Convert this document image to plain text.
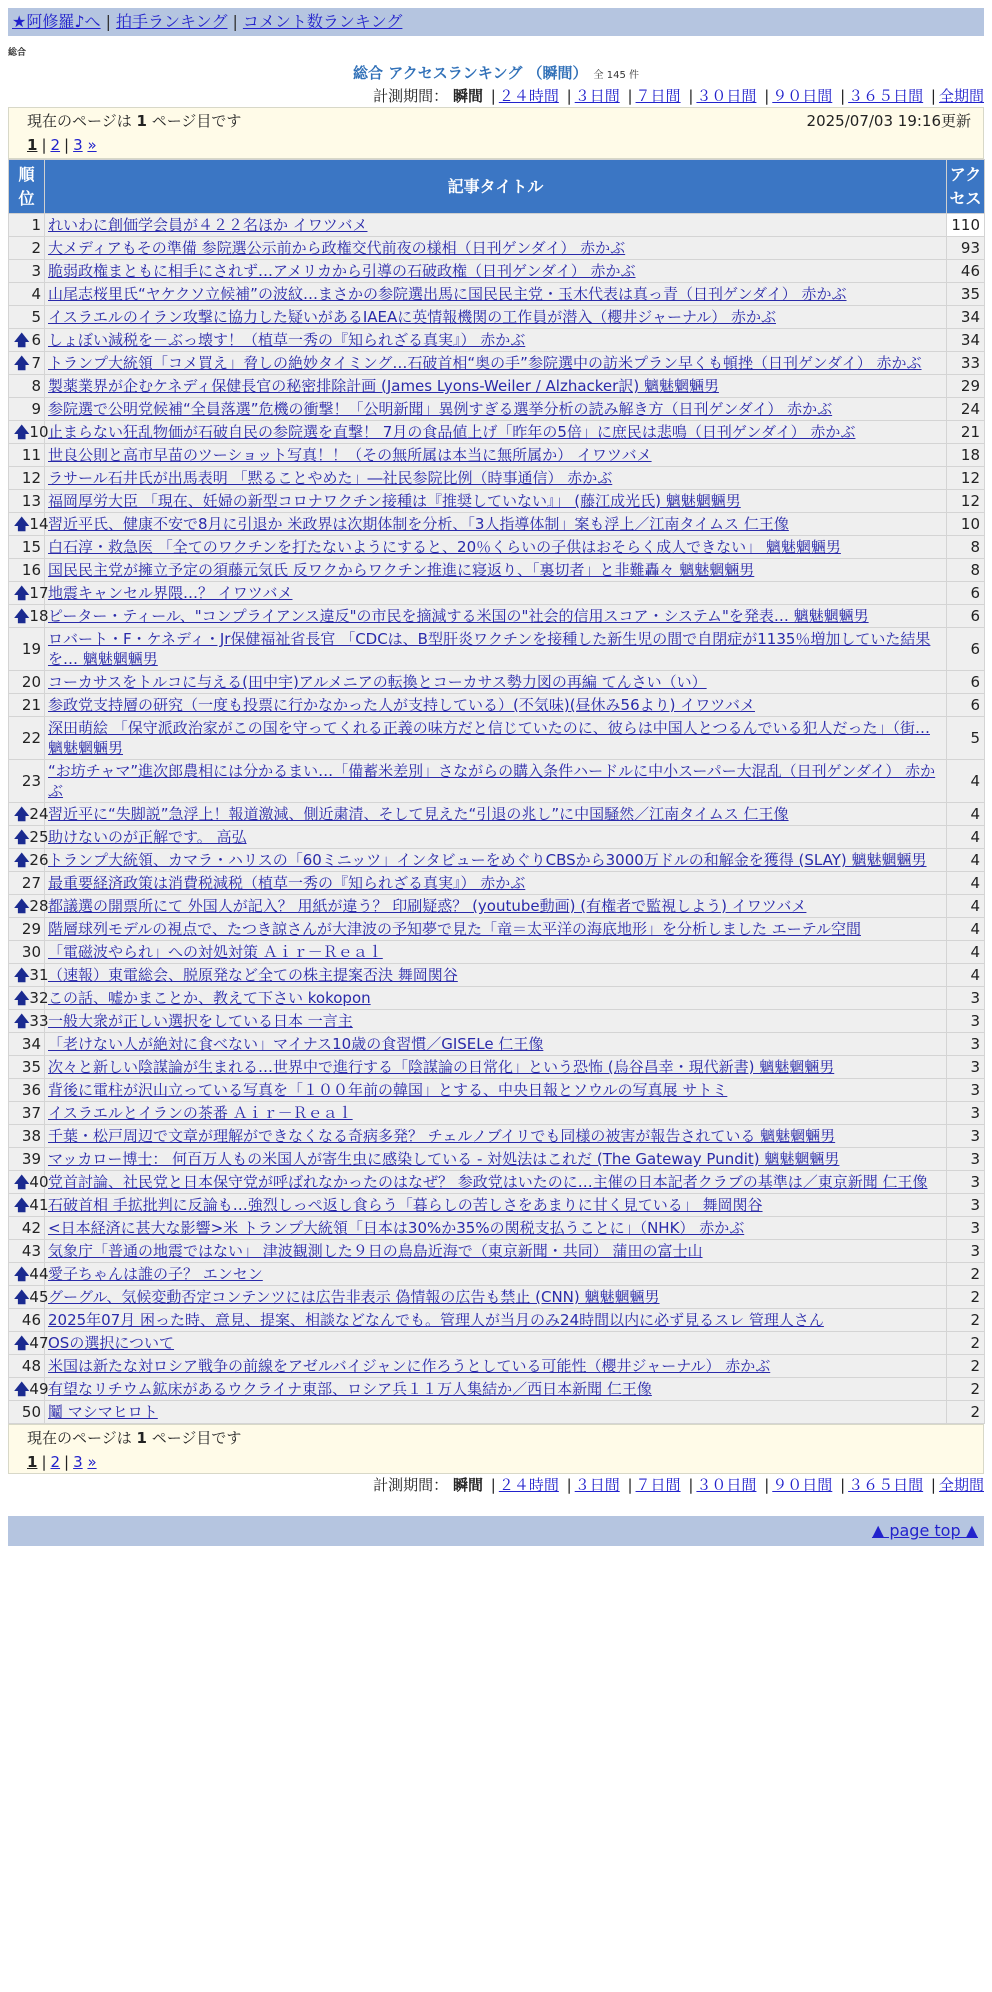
★阿修羅♪へ | 拍手ランキング | コメント数ランキング
総合
総合 アクセスランキング （瞬間） 全 145 件
計測期間： 瞬間 | ２４時間 | ３日間 | ７日間 | ３０日間 | ９０日間 | ３６５日間 | 全期間
現在のページは 1 ページ目です	2025/07/03 19:16更新
1 | 2 | 3 »
順位	記事タイトル	アクセス

1	れいわに創価学会員が４２２名ほか イワツバメ	110
2	大メディアもその準備 参院選公示前から政権交代前夜の様相（日刊ゲンダイ） 赤かぶ	93
3	脆弱政権まともに相手にされず…アメリカから引導の石破政権（日刊ゲンダイ） 赤かぶ	46
4	山尾志桜里氏“ヤケクソ立候補”の波紋…まさかの参院選出馬に国民民主党・玉木代表は真っ青（日刊ゲンダイ） 赤かぶ	35
5	イスラエルのイラン攻撃に協力した疑いがあるIAEAに英情報機関の工作員が潜入（櫻井ジャーナル） 赤かぶ	34

🡅 6	しょぼい減税を－ぶっ壊す！（植草一秀の『知られざる真実』） 赤かぶ	34

🡅 7	トランプ大統領「コメ買え」脅しの絶妙タイミング…石破首相“奥の手”参院選中の訪米プラン早くも頓挫（日刊ゲンダイ） 赤かぶ	33
8	製薬業界が企むケネディ保健長官の秘密排除計画 (James Lyons-Weiler / Alzhacker訳) 魑魅魍魎男	29
9	参院選で公明党候補“全員落選”危機の衝撃！「公明新聞」異例すぎる選挙分析の読み解き方（日刊ゲンダイ） 赤かぶ	24

🡅 10	止まらない狂乱物価が石破自民の参院選を直撃！ 7月の食品値上げ「昨年の5倍」に庶民は悲鳴（日刊ゲンダイ） 赤かぶ	21
11	世良公則と高市早苗のツーショット写真！！（その無所属は本当に無所属か） イワツバメ	18
12	ラサール石井氏が出馬表明 「黙ることやめた」―社民参院比例（時事通信） 赤かぶ	12
13	福岡厚労大臣 「現在、妊婦の新型コロナワクチン接種は『推奨していない』」 (藤江成光氏) 魑魅魍魎男	12

🡅 14	習近平氏、健康不安で8月に引退か 米政界は次期体制を分析、「3人指導体制」案も浮上／江南タイムス 仁王像	10
15	白石淳・救急医 「全てのワクチンを打たないようにすると、20％くらいの子供はおそらく成人できない」 魑魅魍魎男	8
16	国民民主党が擁立予定の須藤元気氏 反ワクからワクチン推進に寝返り、「裏切者」と非難轟々 魑魅魍魎男	8

🡅 17	地震キャンセル界隈…？ イワツバメ	6

🡅 18	ピーター・ティール、"コンプライアンス違反"の市民を摘減する米国の"社会的信用スコア・システム"を発表… 魑魅魍魎男	6
19	ロバート・F・ケネディ・Jr保健福祉省長官 「CDCは、B型肝炎ワクチンを接種した新生児の間で自閉症が1135％増加していた結果を… 魑魅魍魎男	6
20	コーカサスをトルコに与える(田中宇)アルメニアの転換とコーカサス勢力図の再編 てんさい（い）	6
21	参政党支持層の研究（一度も投票に行かなかった人が支持している）(不気味)(昼休み56より) イワツバメ	6
22	深田萌絵 「保守派政治家がこの国を守ってくれる正義の味方だと信じていたのに、彼らは中国人とつるんでいる犯人だった」（街… 魑魅魍魎男	5
23	“お坊チャマ”進次郎農相には分かるまい…「備蓄米差別」さながらの購入条件ハードルに中小スーパー大混乱（日刊ゲンダイ） 赤かぶ	4

🡅 24	習近平に“失脚説”急浮上！報道激減、側近粛清、そして見えた“引退の兆し”に中国騒然／江南タイムス 仁王像	4

🡅 25	助けないのが正解です。 高弘	4

🡅 26	トランプ大統領、カマラ・ハリスの「60ミニッツ」インタビューをめぐりCBSから3000万ドルの和解金を獲得 (SLAY) 魑魅魍魎男	4
27	最重要経済政策は消費税減税（植草一秀の『知られざる真実』） 赤かぶ	4

🡅 28	都議選の開票所にて 外国人が記入？ 用紙が違う？ 印刷疑惑？ (youtube動画) (有権者で監視しよう) イワツバメ	4
29	階層球列モデルの視点で、たつき諒さんが大津波の予知夢で見た「竜＝太平洋の海底地形」を分析しました エーテル空間	4
30	「電磁波やられ」への対処対策 Ａｉｒ－Ｒｅａｌ	4

🡅 31	（速報）東電総会、脱原発など全ての株主提案否決 舞岡関谷	4

🡅 32	この話、嘘かまことか、教えて下さい kokopon	3

🡅 33	一般大衆が正しい選択をしている日本 一言主	3
34	「老けない人が絶対に食べない」マイナス10歳の食習慣／GISELe 仁王像	3
35	次々と新しい陰謀論が生まれる…世界中で進行する「陰謀論の日常化」という恐怖 (烏谷昌幸・現代新書) 魑魅魍魎男	3
36	背後に電柱が沢山立っている写真を「１００年前の韓国」とする、中央日報とソウルの写真展 サトミ	3
37	イスラエルとイランの茶番 Ａｉｒ－Ｒｅａｌ	3
38	千葉・松戸周辺で文章が理解ができなくなる奇病多発？ チェルノブイリでも同様の被害が報告されている 魑魅魍魎男	3
39	マッカロー博士： 何百万人もの米国人が寄生虫に感染している - 対処法はこれだ (The Gateway Pundit) 魑魅魍魎男	3

🡅 40	党首討論、社民党と日本保守党が呼ばれなかったのはなぜ？ 参政党はいたのに…主催の日本記者クラブの基準は／東京新聞 仁王像	3

🡅 41	石破首相 手拡批判に反論も…強烈しっぺ返し食らう「暮らしの苦しさをあまりに甘く見ている」 舞岡関谷	3
42	<日本経済に甚大な影響>米 トランプ大統領「日本は30%か35%の関税支払うことに」（NHK） 赤かぶ	3
43	気象庁「普通の地震ではない」 津波観測した９日の鳥島近海で（東京新聞・共同） 蒲田の富士山	3

🡅 44	愛子ちゃんは誰の子？ エンセン	2

🡅 45	グーグル、気候変動否定コンテンツには広告非表示 偽情報の広告も禁止 (CNN) 魑魅魍魎男	2
46	2025年07月 困った時、意見、提案、相談などなんでも。管理人が当月のみ24時間以内に必ず見るスレ 管理人さん	2

🡅 47	OSの選択について	2
48	米国は新たな対ロシア戦争の前線をアゼルバイジャンに作ろうとしている可能性（櫻井ジャーナル） 赤かぶ	2

🡅 49	有望なリチウム鉱床があるウクライナ東部、ロシア兵１１万人集結か／西日本新聞 仁王像	2
50	鬮 マシマヒロト	2
現在のページは 1 ページ目です
1 | 2 | 3 »
計測期間： 瞬間 | ２４時間 | ３日間 | ７日間 | ３０日間 | ９０日間 | ３６５日間 | 全期間
▲ page top ▲
